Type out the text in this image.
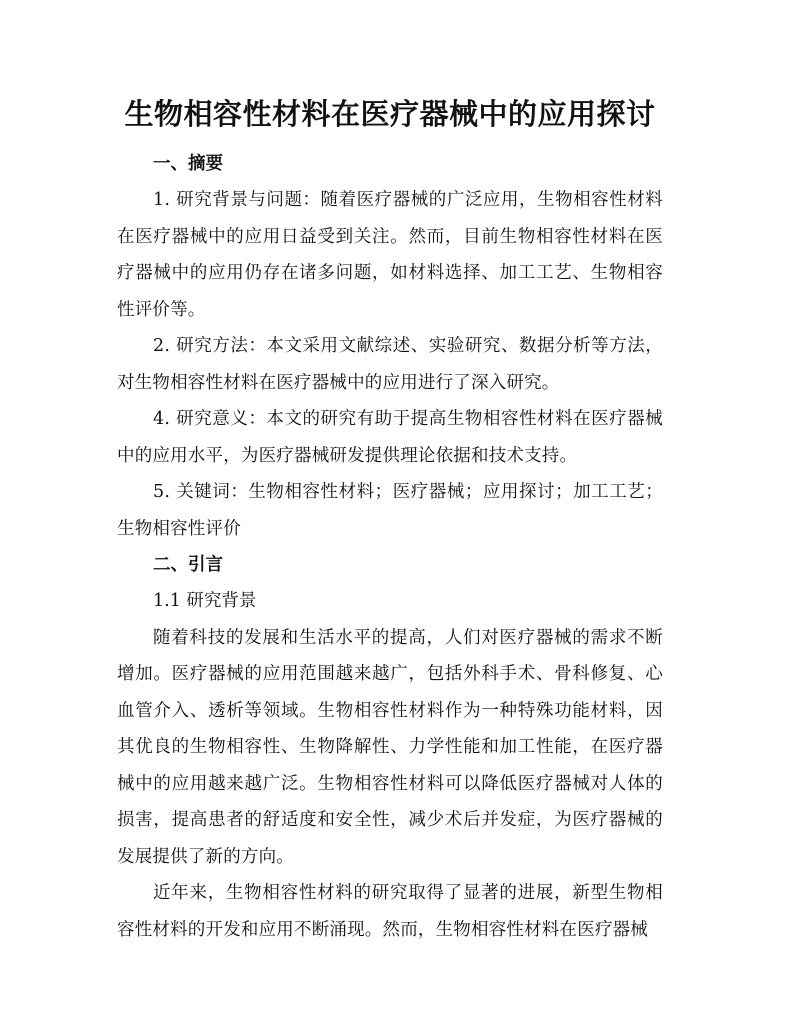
生物相容性材料在医疗器械中的应用探讨
一、摘要

1. 研究背景与问题：随着医疗器械的广泛应用，生物相容性材料在医疗器械中的应用日益受到关注。然而，目前生物相容性材料在医疗器械中的应用仍存在诸多问题，如材料选择、加工工艺、生物相容性评价等。

2. 研究方法：本文采用文献综述、实验研究、数据分析等方法，对生物相容性材料在医疗器械中的应用进行了深入研究。

4. 研究意义：本文的研究有助于提高生物相容性材料在医疗器械中的应用水平，为医疗器械研发提供理论依据和技术支持。

5. 关键词：生物相容性材料；医疗器械；应用探讨；加工工艺；生物相容性评价

二、引言
1.1 研究背景

随着科技的发展和生活水平的提高，人们对医疗器械的需求不断增加。医疗器械的应用范围越来越广，包括外科手术、骨科修复、心血管介入、透析等领域。生物相容性材料作为一种特殊功能材料，因其优良的生物相容性、生物降解性、力学性能和加工性能，在医疗器械中的应用越来越广泛。生物相容性材料可以降低医疗器械对人体的损害，提高患者的舒适度和安全性，减少术后并发症，为医疗器械的发展提供了新的方向。

近年来，生物相容性材料的研究取得了显著的进展，新型生物相容性材料的开发和应用不断涌现。然而，生物相容性材料在医疗器械
